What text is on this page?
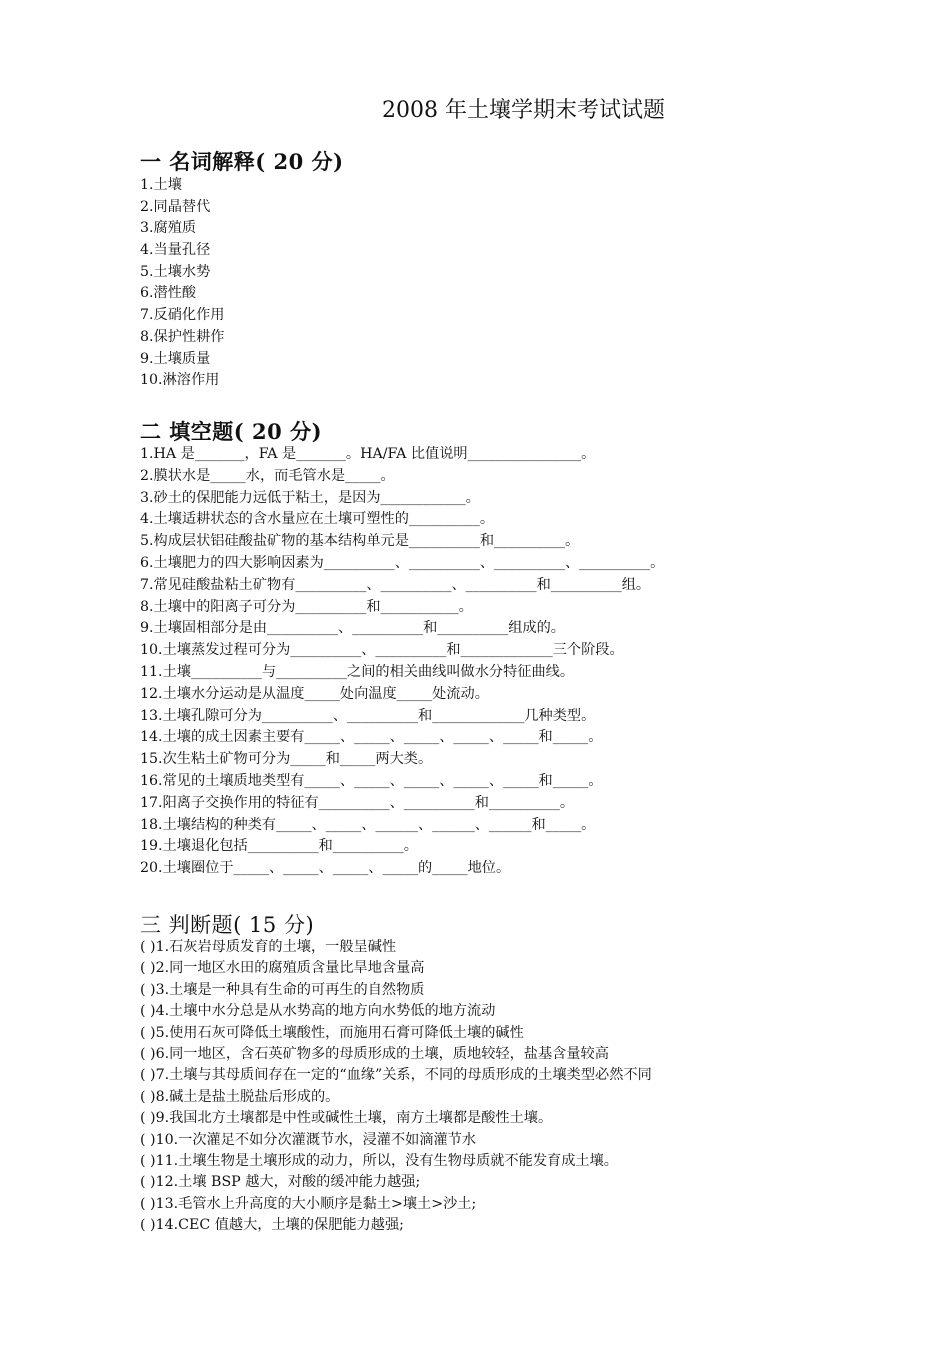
2008 年土壤学期末考试试题
一 名词解释( 20 分)
1.土壤
2.同晶替代
3.腐殖质
4.当量孔径
5.土壤水势
6.潜性酸
7.反硝化作用
8.保护性耕作
9.土壤质量
10.淋溶作用
二 填空题( 20 分)
1.HA 是_______，FA 是_______。HA/FA 比值说明________________。
2.膜状水是_____水，而毛管水是_____。
3.砂土的保肥能力远低于粘土，是因为____________。
4.土壤适耕状态的含水量应在土壤可塑性的__________。
5.构成层状铝硅酸盐矿物的基本结构单元是__________和__________。
6.土壤肥力的四大影响因素为__________、__________、__________、__________。
7.常见硅酸盐粘土矿物有__________、__________、__________和__________组。
8.土壤中的阳离子可分为__________和___________。
9.土壤固相部分是由__________、__________和__________组成的。
10.土壤蒸发过程可分为__________、__________和_____________三个阶段。
11.土壤__________与__________之间的相关曲线叫做水分特征曲线。
12.土壤水分运动是从温度_____处向温度_____处流动。
13.土壤孔隙可分为__________、__________和_____________几种类型。
14.土壤的成土因素主要有_____、_____、_____、_____、_____和_____。
15.次生粘土矿物可分为_____和_____两大类。
16.常见的土壤质地类型有_____、_____、_____、_____、_____和_____。
17.阳离子交换作用的特征有__________、__________和__________。
18.土壤结构的种类有_____、_____、______、______、______和_____。
19.土壤退化包括__________和__________。
20.土壤圈位于_____、_____、_____、_____的_____地位。
三 判断题( 15 分)
( )1.石灰岩母质发育的土壤，一般呈碱性
( )2.同一地区水田的腐殖质含量比旱地含量高
( )3.土壤是一种具有生命的可再生的自然物质
( )4.土壤中水分总是从水势高的地方向水势低的地方流动
( )5.使用石灰可降低土壤酸性，而施用石膏可降低土壤的碱性
( )6.同一地区，含石英矿物多的母质形成的土壤，质地较轻，盐基含量较高
( )7.土壤与其母质间存在一定的“血缘”关系，不同的母质形成的土壤类型必然不同
( )8.碱土是盐土脱盐后形成的。
( )9.我国北方土壤都是中性或碱性土壤，南方土壤都是酸性土壤。
( )10.一次灌足不如分次灌溉节水，浸灌不如滴灌节水
( )11.土壤生物是土壤形成的动力，所以，没有生物母质就不能发育成土壤。
( )12.土壤 BSP 越大，对酸的缓冲能力越强;
( )13.毛管水上升高度的大小顺序是黏土>壤土>沙土;
( )14.CEC 值越大，土壤的保肥能力越强;
